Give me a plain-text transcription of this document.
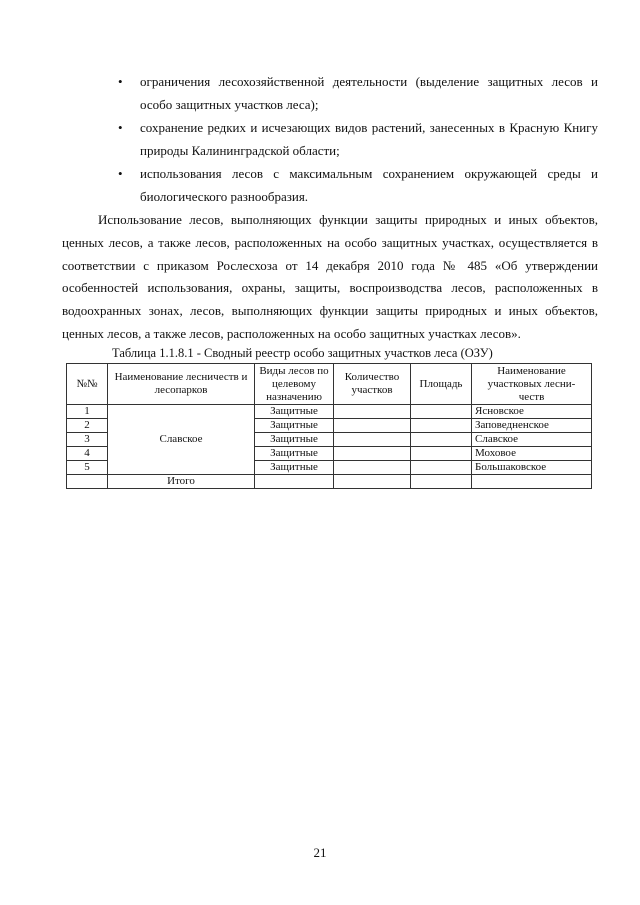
• ограничения лесохозяйственной деятельности (выделение защитных лесов и особо защитных участков леса);
• сохранение редких и исчезающих видов растений, занесенных в Красную Книгу природы Калининградской области;
• использования лесов с максимальным сохранением окружающей среды и биологического разнообразия.

Использование лесов, выполняющих функции защиты природных и иных объектов, ценных лесов, а также лесов, расположенных на особо защитных участках, осуществляется в соответствии с приказом Рослесхоза от 14 декабря 2010 года № 485 «Об утверждении особенностей использования, охраны, защиты, воспроизводства лесов, расположенных в водоохранных зонах, лесов, выполняющих функции защиты природных и иных объектов, ценных лесов, а также лесов, расположенных на особо защитных участках лесов».

Таблица 1.1.8.1 - Сводный реестр особо защитных участков леса (ОЗУ)
№№	Наименование лесничеств и лесопарков	Виды лесов по целевому назначению	Количество участков	Площадь	Наименование участковых лесни-честв
1	Славское	Защитные			Ясновское
2		Защитные			Заповедненское
3		Защитные			Славское
4		Защитные			Моховое
5		Защитные			Большаковское
	Итого				
21
